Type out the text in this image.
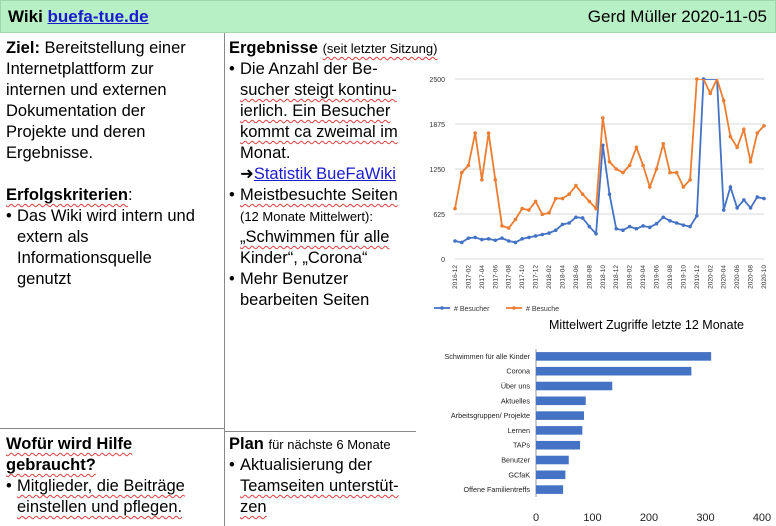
Wiki buefa-tue.de	Gerd Müller 2020-11-05
Ziel: Bereitstellung einer
Internetplattform zur
internen und externen
Dokumentation der
Projekte und deren
Ergebnisse.
Erfolgskriterien:
• Das Wiki wird intern und
extern als
Informationsquelle
genutzt
Wofür wird Hilfe
gebraucht?
• Mitglieder, die Beiträge
einstellen und pflegen.
Ergebnisse (seit letzter Sitzung)
• Die Anzahl der Be-
sucher steigt kontinu-
ierlich. Ein Besucher
kommt ca zweimal im
Monat.
➜Statistik BueFaWiki
• Meistbesuchte Seiten
(12 Monate Mittelwert):
„Schwimmen für alle
Kinder“, „Corona“
• Mehr Benutzer
bearbeiten Seiten
Plan für nächste 6 Monate
• Aktualisierung der
Teamseiten unterstüt-
zen
0
625
1250
1875
2500
2016-12 2017-02 2017-04 2017-06 2017-08 2017-10 2017-12 2018-02 2018-04 2018-06 2018-08 2018-10 2018-12 2019-02 2019-04 2019-06 2019-08 2019-10 2019-12 2020-02 2020-04 2020-06 2020-08 2020-10
# Besucher	# Besuche
Mittelwert Zugriffe letzte 12 Monate
Schwimmen für alle Kinder
Corona
Über uns
Aktuelles
Arbeitsgruppen/ Projekte
Lernen
TAPs
Benutzer
GCfaK
Offene Familientreffs
0	100	200	300	400
